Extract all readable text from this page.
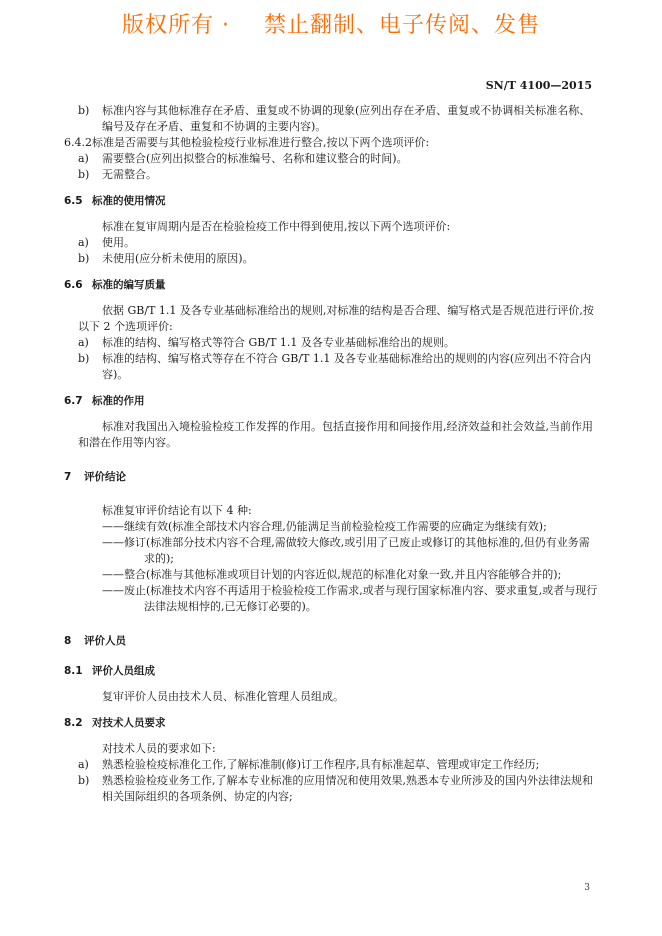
版权所有 · 禁止翻制、电子传阅、发售
SN/T 4100—2015
b) 标准内容与其他标准存在矛盾、重复或不协调的现象(应列出存在矛盾、重复或不协调相关标准名称、编号及存在矛盾、重复和不协调的主要内容)。
6.4.2标准是否需要与其他检验检疫行业标准进行整合,按以下两个选项评价:
a) 需要整合(应列出拟整合的标准编号、名称和建议整合的时间)。
b) 无需整合。
6.5 标准的使用情况
标准在复审周期内是否在检验检疫工作中得到使用,按以下两个选项评价:
a) 使用。
b) 未使用(应分析未使用的原因)。
6.6 标准的编写质量
依据 GB/T 1.1 及各专业基础标准给出的规则,对标准的结构是否合理、编写格式是否规范进行评价,按以下 2 个选项评价:
a) 标准的结构、编写格式等符合 GB/T 1.1 及各专业基础标准给出的规则。
b) 标准的结构、编写格式等存在不符合 GB/T 1.1 及各专业基础标准给出的规则的内容(应列出不符合内容)。
6.7 标准的作用
标准对我国出入境检验检疫工作发挥的作用。包括直接作用和间接作用,经济效益和社会效益,当前作用和潜在作用等内容。
7 评价结论
标准复审评价结论有以下 4 种:
——继续有效(标准全部技术内容合理,仍能满足当前检验检疫工作需要的应确定为继续有效);
——修订(标准部分技术内容不合理,需做较大修改,或引用了已废止或修订的其他标准的,但仍有业务需求的);
——整合(标准与其他标准或项目计划的内容近似,规范的标准化对象一致,并且内容能够合并的);
——废止(标准技术内容不再适用于检验检疫工作需求,或者与现行国家标准内容、要求重复,或者与现行法律法规相悖的,已无修订必要的)。
8 评价人员
8.1 评价人员组成
复审评价人员由技术人员、标准化管理人员组成。
8.2 对技术人员要求
对技术人员的要求如下:
a) 熟悉检验检疫标准化工作,了解标准制(修)订工作程序,具有标准起草、管理或审定工作经历;
b) 熟悉检验检疫业务工作,了解本专业标准的应用情况和使用效果,熟悉本专业所涉及的国内外法律法规和相关国际组织的各项条例、协定的内容;
3
